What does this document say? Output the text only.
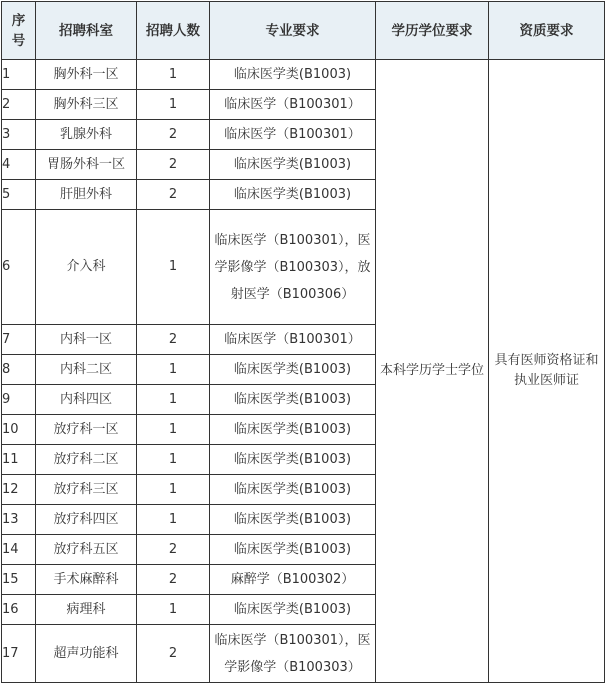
序号	招聘科室	招聘人数	专业要求	学历学位要求	资质要求
1	胸外科一区	1	临床医学类(B1003)	本科学历学士学位	具有医师资格证和执业医师证
2	胸外科三区	1	临床医学（B100301）		
3	乳腺外科	2	临床医学（B100301）		
4	胃肠外科一区	2	临床医学类(B1003)		
5	肝胆外科	2	临床医学类(B1003)		
6	介入科	1	临床医学（B100301），医学影像学（B100303），放射医学（B100306）		
7	内科一区	2	临床医学（B100301）		
8	内科二区	1	临床医学类(B1003)		
9	内科四区	1	临床医学类(B1003)		
10	放疗科一区	1	临床医学类(B1003)		
11	放疗科二区	1	临床医学类(B1003)		
12	放疗科三区	1	临床医学类(B1003)		
13	放疗科四区	1	临床医学类(B1003)		
14	放疗科五区	2	临床医学类(B1003)		
15	手术麻醉科	2	麻醉学（B100302）		
16	病理科	1	临床医学类(B1003)		
17	超声功能科	2	临床医学（B100301），医学影像学（B100303）		
